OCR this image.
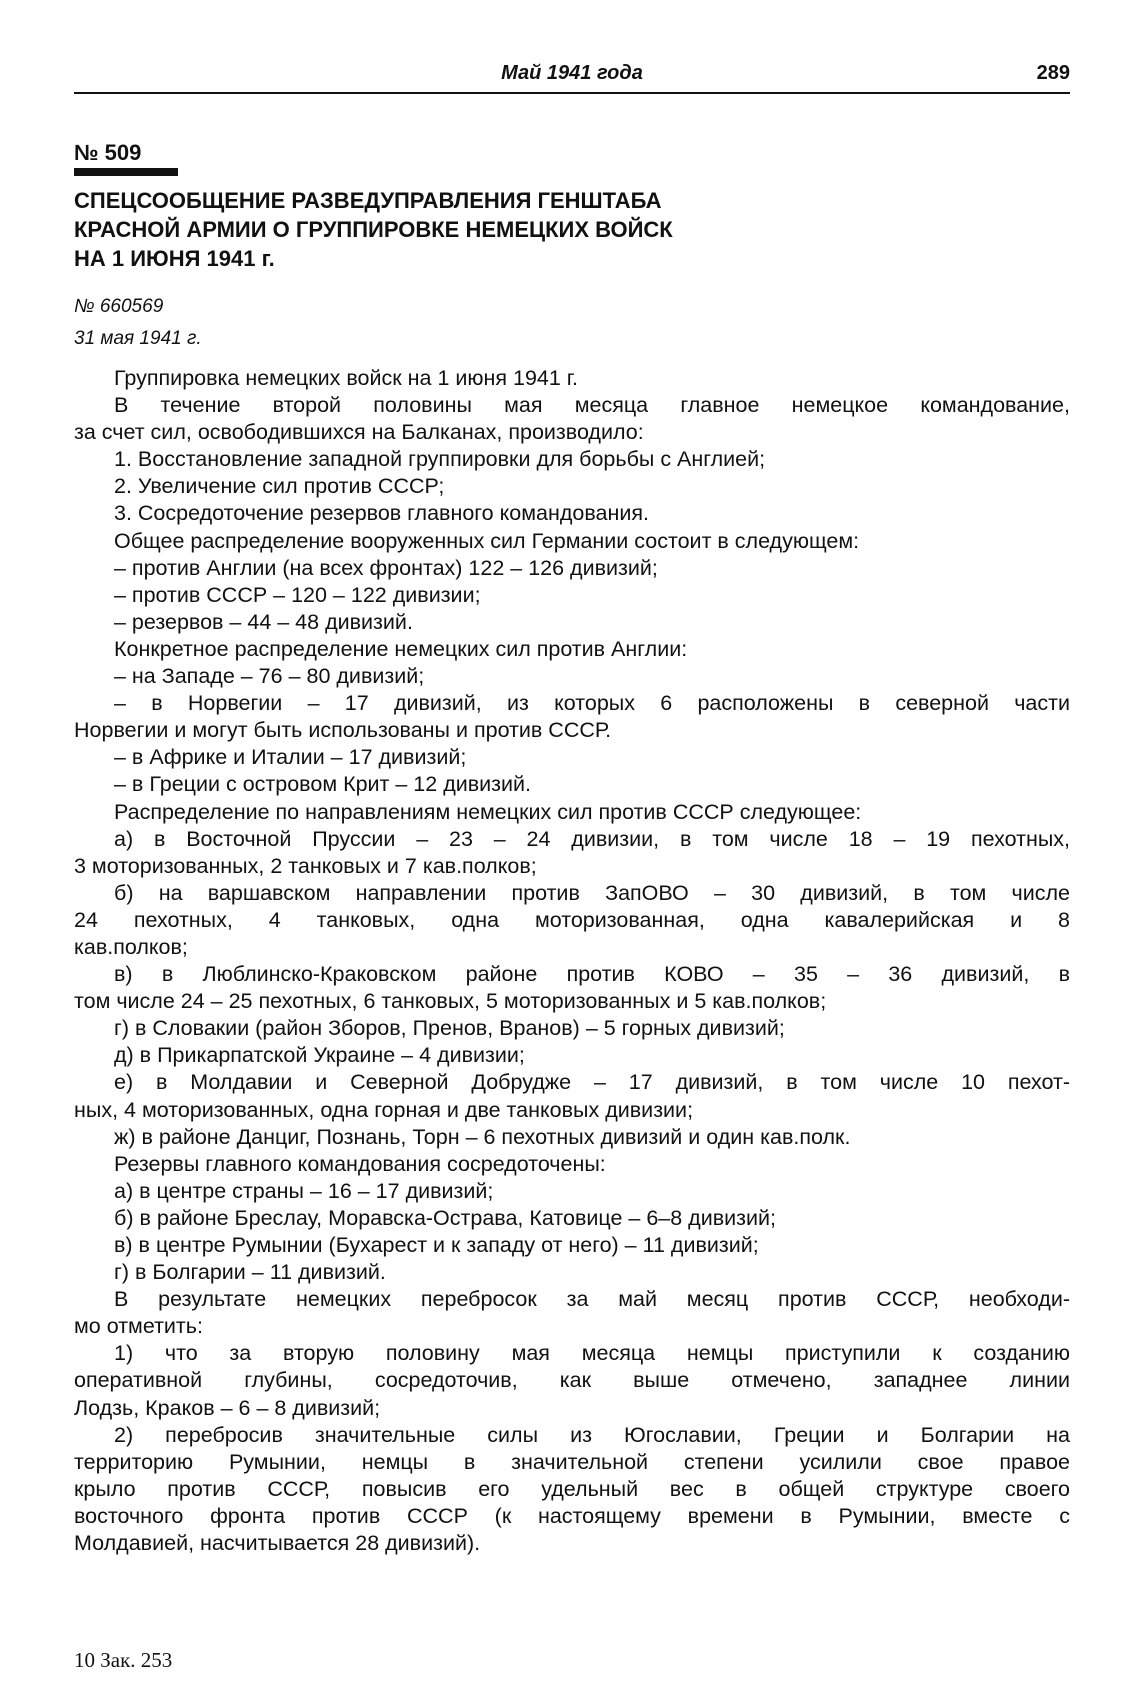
Май 1941 года	289
№ 509
СПЕЦСООБЩЕНИЕ РАЗВЕДУПРАВЛЕНИЯ ГЕНШТАБА
КРАСНОЙ АРМИИ О ГРУППИРОВКЕ НЕМЕЦКИХ ВОЙСК
НА 1 ИЮНЯ 1941 г.
№ 660569
31 мая 1941 г.
Группировка немецких войск на 1 июня 1941 г.
В течение второй половины мая месяца главное немецкое командование,
за счет сил, освободившихся на Балканах, производило:
1. Восстановление западной группировки для борьбы с Англией;
2. Увеличение сил против СССР;
3. Сосредоточение резервов главного командования.
Общее распределение вооруженных сил Германии состоит в следующем:
– против Англии (на всех фронтах) 122 – 126 дивизий;
– против СССР – 120 – 122 дивизии;
– резервов – 44 – 48 дивизий.
Конкретное распределение немецких сил против Англии:
– на Западе – 76 – 80 дивизий;
– в Норвегии – 17 дивизий, из которых 6 расположены в северной части
Норвегии и могут быть использованы и против СССР.
– в Африке и Италии – 17 дивизий;
– в Греции с островом Крит – 12 дивизий.
Распределение по направлениям немецких сил против СССР следующее:
а) в Восточной Пруссии – 23 – 24 дивизии, в том числе 18 – 19 пехотных,
3 моторизованных, 2 танковых и 7 кав.полков;
б) на варшавском направлении против ЗапОВО – 30 дивизий, в том числе
24 пехотных, 4 танковых, одна моторизованная, одна кавалерийская и 8
кав.полков;
в) в Люблинско-Краковском районе против КОВО – 35 – 36 дивизий, в
том числе 24 – 25 пехотных, 6 танковых, 5 моторизованных и 5 кав.полков;
г) в Словакии (район Зборов, Пренов, Вранов) – 5 горных дивизий;
д) в Прикарпатской Украине – 4 дивизии;
е) в Молдавии и Северной Добрудже – 17 дивизий, в том числе 10 пехот-
ных, 4 моторизованных, одна горная и две танковых дивизии;
ж) в районе Данциг, Познань, Торн – 6 пехотных дивизий и один кав.полк.
Резервы главного командования сосредоточены:
а) в центре страны – 16 – 17 дивизий;
б) в районе Бреслау, Моравска-Острава, Катовице – 6–8 дивизий;
в) в центре Румынии (Бухарест и к западу от него) – 11 дивизий;
г) в Болгарии – 11 дивизий.
В результате немецких перебросок за май месяц против СССР, необходи-
мо отметить:
1) что за вторую половину мая месяца немцы приступили к созданию
оперативной глубины, сосредоточив, как выше отмечено, западнее линии
Лодзь, Краков – 6 – 8 дивизий;
2) перебросив значительные силы из Югославии, Греции и Болгарии на
территорию Румынии, немцы в значительной степени усилили свое правое
крыло против СССР, повысив его удельный вес в общей структуре своего
восточного фронта против СССР (к настоящему времени в Румынии, вместе с
Молдавией, насчитывается 28 дивизий).
10 Зак. 253
